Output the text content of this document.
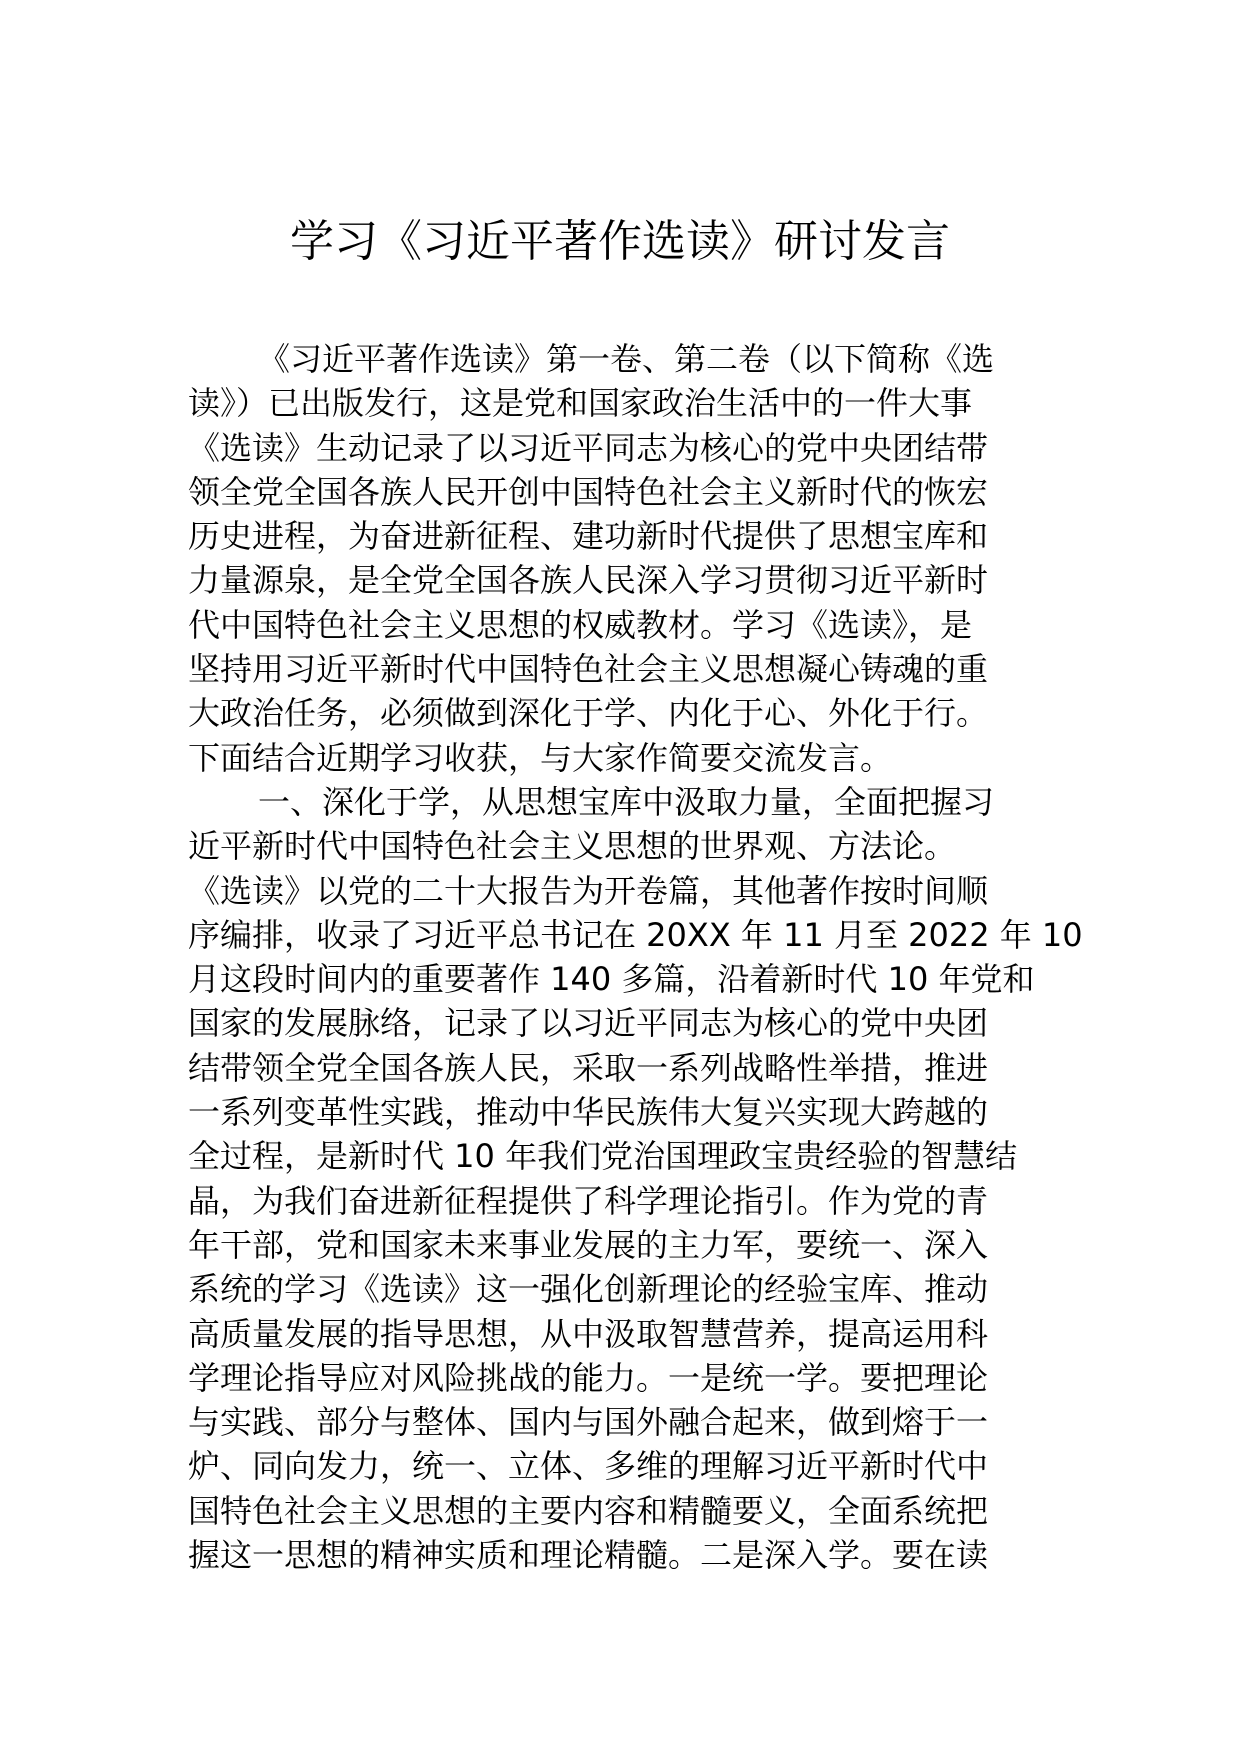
学习《习近平著作选读》研讨发言
《习近平著作选读》第一卷、第二卷（以下简称《选
读》）已出版发行，这是党和国家政治生活中的一件大事
《选读》生动记录了以习近平同志为核心的党中央团结带
领全党全国各族人民开创中国特色社会主义新时代的恢宏
历史进程，为奋进新征程、建功新时代提供了思想宝库和
力量源泉，是全党全国各族人民深入学习贯彻习近平新时
代中国特色社会主义思想的权威教材。学习《选读》，是
坚持用习近平新时代中国特色社会主义思想凝心铸魂的重
大政治任务，必须做到深化于学、内化于心、外化于行。
下面结合近期学习收获，与大家作简要交流发言。
一、深化于学，从思想宝库中汲取力量，全面把握习
近平新时代中国特色社会主义思想的世界观、方法论。
《选读》以党的二十大报告为开卷篇，其他著作按时间顺
序编排，收录了习近平总书记在 20XX 年 11 月至 2022 年 10
月这段时间内的重要著作 140 多篇，沿着新时代 10 年党和
国家的发展脉络，记录了以习近平同志为核心的党中央团
结带领全党全国各族人民，采取一系列战略性举措，推进
一系列变革性实践，推动中华民族伟大复兴实现大跨越的
全过程，是新时代 10 年我们党治国理政宝贵经验的智慧结
晶，为我们奋进新征程提供了科学理论指引。作为党的青
年干部，党和国家未来事业发展的主力军，要统一、深入
系统的学习《选读》这一强化创新理论的经验宝库、推动
高质量发展的指导思想，从中汲取智慧营养，提高运用科
学理论指导应对风险挑战的能力。一是统一学。要把理论
与实践、部分与整体、国内与国外融合起来，做到熔于一
炉、同向发力，统一、立体、多维的理解习近平新时代中
国特色社会主义思想的主要内容和精髓要义，全面系统把
握这一思想的精神实质和理论精髓。二是深入学。要在读
